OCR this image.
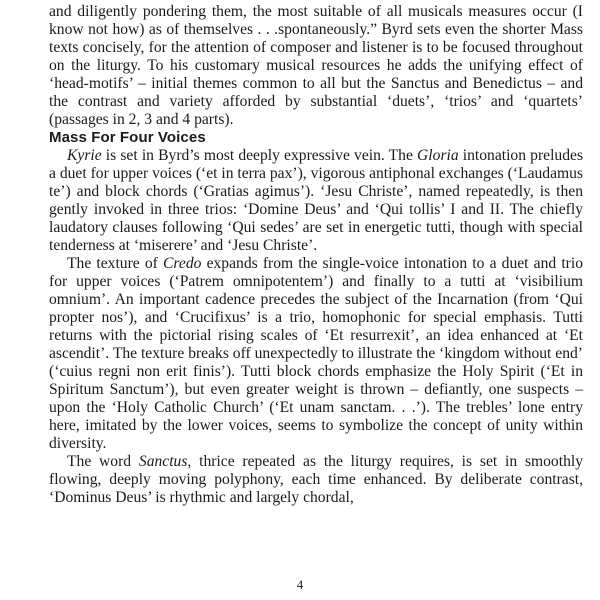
and diligently pondering them, the most suitable of all musicals measures occur (I know not how) as of themselves . . .spontaneously.” Byrd sets even the shorter Mass texts concisely, for the attention of composer and listener is to be focused throughout on the liturgy. To his customary musical resources he adds the unifying effect of ‘head-motifs’ – initial themes common to all but the Sanctus and Benedictus – and the contrast and variety afforded by substantial ‘duets’, ‘trios’ and ‘quartets’ (passages in 2, 3 and 4 parts).

Mass For Four Voices

Kyrie is set in Byrd’s most deeply expressive vein. The Gloria intonation preludes a duet for upper voices (‘et in terra pax’), vigorous antiphonal exchanges (‘Laudamus te’) and block chords (‘Gratias agimus’). ‘Jesu Christe’, named repeatedly, is then gently invoked in three trios: ‘Domine Deus’ and ‘Qui tollis’ I and II. The chiefly laudatory clauses following ‘Qui sedes’ are set in energetic tutti, though with special tenderness at ‘miserere’ and ‘Jesu Christe’.

The texture of Credo expands from the single-voice intonation to a duet and trio for upper voices (‘Patrem omnipotentem’) and finally to a tutti at ‘visibilium omnium’. An important cadence precedes the subject of the Incarnation (from ‘Qui propter nos’), and ‘Crucifixus’ is a trio, homophonic for special emphasis. Tutti returns with the pictorial rising scales of ‘Et resurrexit’, an idea enhanced at ‘Et ascendit’. The texture breaks off unexpectedly to illustrate the ‘kingdom without end’ (‘cuius regni non erit finis’). Tutti block chords emphasize the Holy Spirit (‘Et in Spiritum Sanctum’), but even greater weight is thrown – defiantly, one suspects – upon the ‘Holy Catholic Church’ (‘Et unam sanctam. . .’). The trebles’ lone entry here, imitated by the lower voices, seems to symbolize the concept of unity within diversity.

The word Sanctus, thrice repeated as the liturgy requires, is set in smoothly flowing, deeply moving polyphony, each time enhanced. By deliberate contrast, ‘Dominus Deus’ is rhythmic and largely chordal,

4
